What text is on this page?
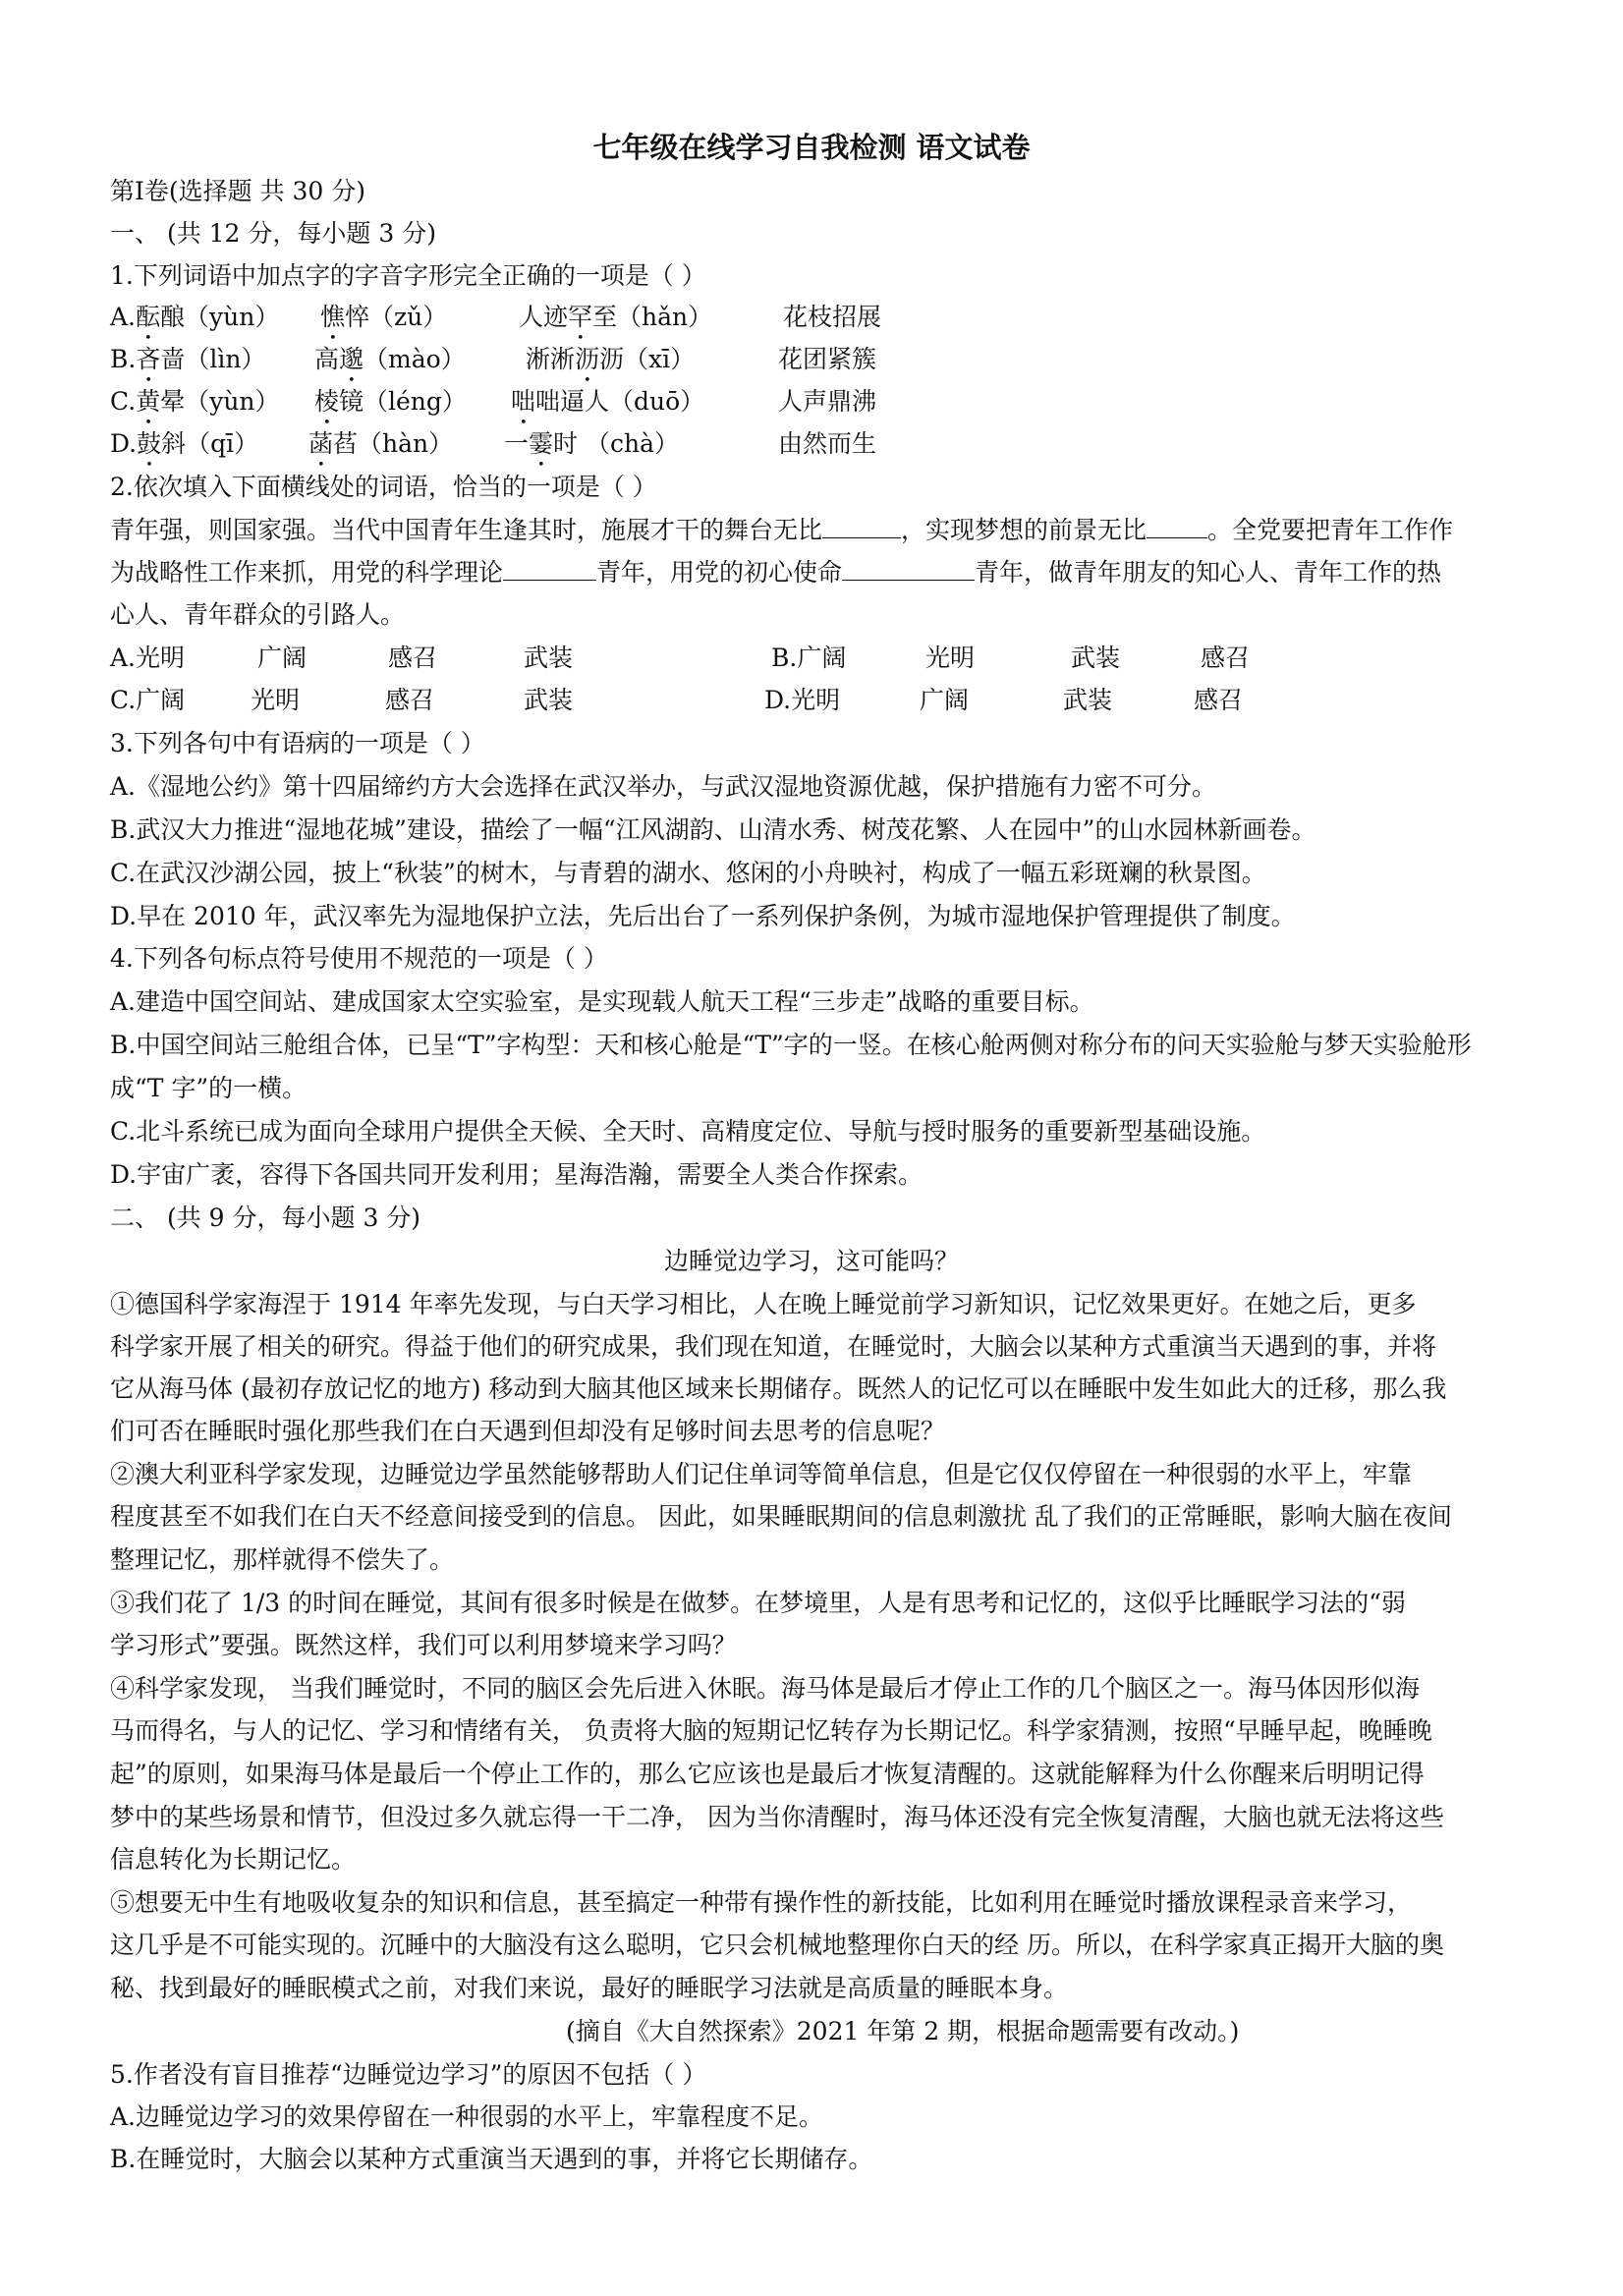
七年级在线学习自我检测 语文试卷
第Ⅰ卷(选择题 共 30 分)
一、 (共 12 分，每小题 3 分)
1.下列词语中加点字的字音字形完全正确的一项是（ ）
A.酝酿（yùn） 憔悴（zǔ）	人迹罕至（hǎn）	花枝招展
B.吝啬（lìn） 高邈（mào） 淅淅沥沥（xī）	花团紧簇
C.黄晕（yùn） 棱镜（léng） 咄咄逼人（duō）	人声鼎沸
D.鼓斜（qī） 菡萏（hàn） 一霎时 （chà）	由然而生
2.依次填入下面横线处的词语，恰当的一项是（ ）
青年强，则国家强。当代中国青年生逢其时，施展才干的舞台无比	，实现梦想的前景无比 。全党要把青年工作作
为战略性工作来抓，用党的科学理论	青年，用党的初心使命	青年，做青年朋友的知心人、青年工作的热
心人、青年群众的引路人。
A.光明	广阔	感召	武装	B.广阔	光明	武装	感召
C.广阔	光明	感召	武装	D.光明	广阔	武装	感召
3.下列各句中有语病的一项是（ ）
A.《湿地公约》第十四届缔约方大会选择在武汉举办，与武汉湿地资源优越，保护措施有力密不可分。
B.武汉大力推进“湿地花城”建设，描绘了一幅“江风湖韵、山清水秀、树茂花繁、人在园中”的山水园林新画卷。
C.在武汉沙湖公园，披上“秋装”的树木，与青碧的湖水、悠闲的小舟映衬，构成了一幅五彩斑斓的秋景图。
D.早在 2010 年，武汉率先为湿地保护立法，先后出台了一系列保护条例，为城市湿地保护管理提供了制度。
4.下列各句标点符号使用不规范的一项是（ ）
A.建造中国空间站、建成国家太空实验室，是实现载人航天工程“三步走”战略的重要目标。
B.中国空间站三舱组合体，已呈“T”字构型：天和核心舱是“T”字的一竖。在核心舱两侧对称分布的问天实验舱与梦天实验舱形
成“T 字”的一横。
C.北斗系统已成为面向全球用户提供全天候、全天时、高精度定位、导航与授时服务的重要新型基础设施。
D.宇宙广袤，容得下各国共同开发利用；星海浩瀚，需要全人类合作探索。
二、 (共 9 分，每小题 3 分)
边睡觉边学习，这可能吗？
①德国科学家海涅于 1914 年率先发现，与白天学习相比，人在晚上睡觉前学习新知识，记忆效果更好。在她之后，更多
科学家开展了相关的研究。得益于他们的研究成果，我们现在知道，在睡觉时，大脑会以某种方式重演当天遇到的事，并将
它从海马体 (最初存放记忆的地方) 移动到大脑其他区域来长期储存。既然人的记忆可以在睡眠中发生如此大的迁移，那么我
们可否在睡眠时强化那些我们在白天遇到但却没有足够时间去思考的信息呢？
②澳大利亚科学家发现，边睡觉边学虽然能够帮助人们记住单词等简单信息，但是它仅仅停留在一种很弱的水平上，牢靠
程度甚至不如我们在白天不经意间接受到的信息。 因此，如果睡眠期间的信息刺激扰 乱了我们的正常睡眠，影响大脑在夜间
整理记忆，那样就得不偿失了。
③我们花了 1/3 的时间在睡觉，其间有很多时候是在做梦。在梦境里，人是有思考和记忆的，这似乎比睡眠学习法的“弱
学习形式”要强。既然这样，我们可以利用梦境来学习吗？
④科学家发现， 当我们睡觉时，不同的脑区会先后进入休眠。海马体是最后才停止工作的几个脑区之一。海马体因形似海
马而得名，与人的记忆、学习和情绪有关， 负责将大脑的短期记忆转存为长期记忆。科学家猜测，按照“早睡早起，晚睡晚
起”的原则，如果海马体是最后一个停止工作的，那么它应该也是最后才恢复清醒的。这就能解释为什么你醒来后明明记得
梦中的某些场景和情节，但没过多久就忘得一干二净， 因为当你清醒时，海马体还没有完全恢复清醒，大脑也就无法将这些
信息转化为长期记忆。
⑤想要无中生有地吸收复杂的知识和信息，甚至搞定一种带有操作性的新技能，比如利用在睡觉时播放课程录音来学习，
这几乎是不可能实现的。沉睡中的大脑没有这么聪明，它只会机械地整理你白天的经 历。所以，在科学家真正揭开大脑的奥
秘、找到最好的睡眠模式之前，对我们来说，最好的睡眠学习法就是高质量的睡眠本身。
(摘自《大自然探索》2021 年第 2 期，根据命题需要有改动。)
5.作者没有盲目推荐“边睡觉边学习”的原因不包括（ ）
A.边睡觉边学习的效果停留在一种很弱的水平上，牢靠程度不足。
B.在睡觉时，大脑会以某种方式重演当天遇到的事，并将它长期储存。
